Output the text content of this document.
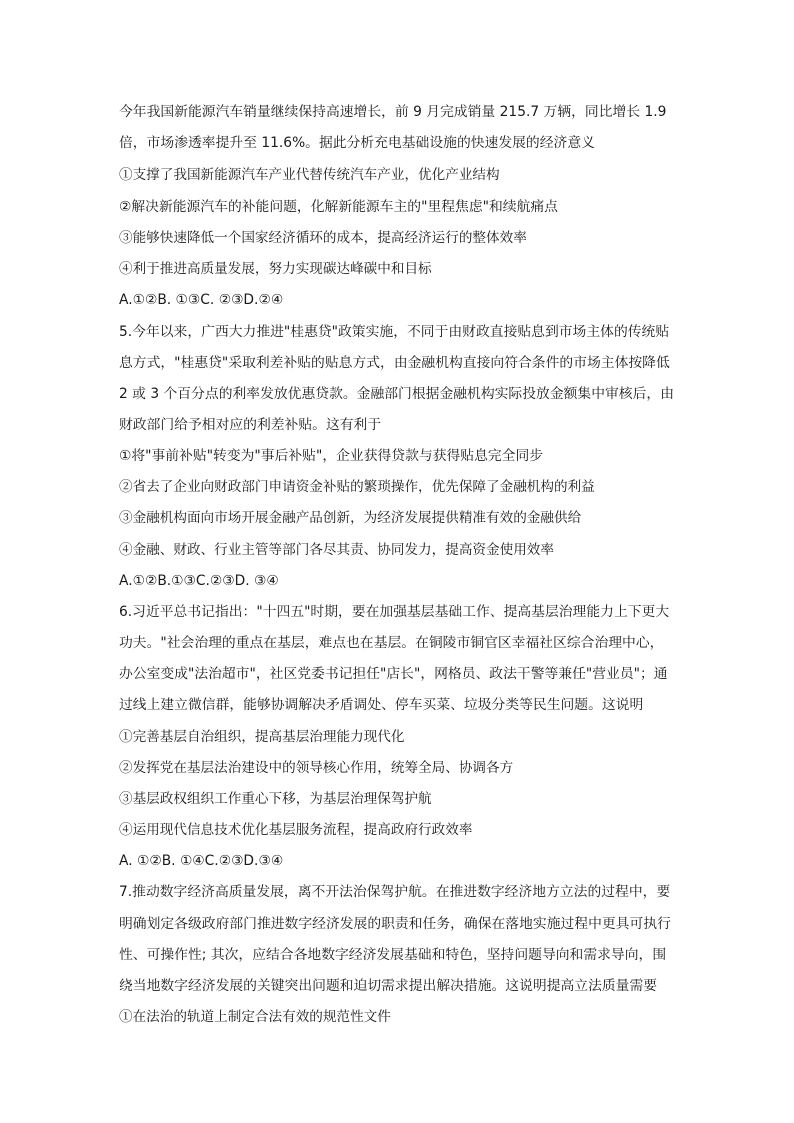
今年我国新能源汽车销量继续保持高速增长，前 9 月完成销量 215.7 万辆，同比增长 1.9
倍，市场渗透率提升至 11.6%。据此分析充电基础设施的快速发展的经济意义
①支撑了我国新能源汽车产业代替传统汽车产业，优化产业结构
②解决新能源汽车的补能问题，化解新能源车主的"里程焦虑"和续航痛点
③能够快速降低一个国家经济循环的成本，提高经济运行的整体效率
④利于推进高质量发展，努力实现碳达峰碳中和目标
A.①②B. ①③C. ②③D.②④
5.今年以来，广西大力推进"桂惠贷"政策实施，不同于由财政直接贴息到市场主体的传统贴
息方式，"桂惠贷"采取利差补贴的贴息方式，由金融机构直接向符合条件的市场主体按降低
2 或 3 个百分点的利率发放优惠贷款。金融部门根据金融机构实际投放金额集中审核后，由
财政部门给予相对应的利差补贴。这有利于
①将"事前补贴"转变为"事后补贴"，企业获得贷款与获得贴息完全同步
②省去了企业向财政部门申请资金补贴的繁琐操作，优先保障了金融机构的利益
③金融机构面向市场开展金融产品创新，为经济发展提供精准有效的金融供给
④金融、财政、行业主管等部门各尽其责、协同发力，提高资金使用效率
A.①②B.①③C.②③D. ③④
6.习近平总书记指出："十四五"时期，要在加强基层基础工作、提高基层治理能力上下更大
功夫。"社会治理的重点在基层，难点也在基层。在铜陵市铜官区幸福社区综合治理中心，
办公室变成"法治超市"，社区党委书记担任"店长"，网格员、政法干警等兼任"营业员"；通
过线上建立微信群，能够协调解决矛盾调处、停车买菜、垃圾分类等民生问题。这说明
①完善基层自治组织，提高基层治理能力现代化
②发挥党在基层法治建设中的领导核心作用，统筹全局、协调各方
③基层政权组织工作重心下移，为基层治理保驾护航
④运用现代信息技术优化基层服务流程，提高政府行政效率
A. ①②B. ①④C.②③D.③④
7.推动数字经济高质量发展，离不开法治保驾护航。在推进数字经济地方立法的过程中，要
明确划定各级政府部门推进数字经济发展的职责和任务，确保在落地实施过程中更具可执行
性、可操作性; 其次，应结合各地数字经济发展基础和特色，坚持问题导向和需求导向，围
绕当地数字经济发展的关键突出问题和迫切需求提出解决措施。这说明提高立法质量需要
①在法治的轨道上制定合法有效的规范性文件
